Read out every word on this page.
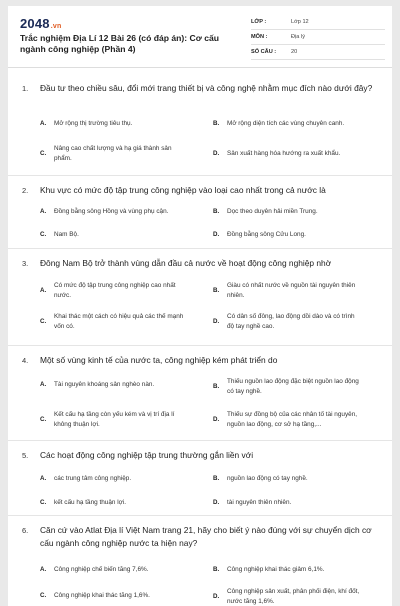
2048.vn
Trắc nghiệm Địa Lí 12 Bài 26 (có đáp án): Cơ cấu ngành công nghiệp (Phần 4)
LỚP :	Lớp 12
MÔN :	Địa lý
SỐ CÂU :	20
1. Đầu tư theo chiều sâu, đổi mới trang thiết bị và công nghệ nhằm mục đích nào dưới đây?
A.	Mở rộng thị trường tiêu thụ.	B.	Mở rộng diện tích các vùng chuyên canh.
C.
Nâng cao chất lượng và hạ giá thành sản phẩm.
D.	Sản xuất hàng hóa hướng ra xuất khẩu.
2. Khu vực có mức độ tập trung công nghiệp vào loại cao nhất trong cả nước là
A.	Đồng bằng sông Hồng và vùng phụ cận.	B.	Dọc theo duyên hải miền Trung.
C.	Nam Bộ.	D.	Đồng bằng sông Cửu Long.
3. Đông Nam Bộ trở thành vùng dẫn đầu cả nước về hoạt động công nghiệp nhờ
A.
Có mức độ tập trung công nghiệp cao nhất nước.
B.
Giàu có nhất nước về nguồn tài nguyên thiên nhiên.
C.
Khai thác một cách có hiệu quả các thế mạnh vốn có.
D.
Có dân số đông, lao động dồi dào và có trình độ tay nghề cao.
4. Một số vùng kinh tế của nước ta, công nghiệp kém phát triển do
A.	Tài nguyên khoáng sản nghèo nàn.	B.
Thiếu nguồn lao động đặc biệt nguồn lao động có tay nghề.
C.
Kết cấu hạ tầng còn yếu kém và vị trí địa lí không thuận lợi.
D.
Thiếu sự đồng bộ của các nhân tố tài nguyên, nguồn lao động, cơ sở hạ tầng,...
5. Các hoạt động công nghiệp tập trung thường gắn liền với
A.	các trung tâm công nghiệp.	B.	nguồn lao động có tay nghề.
C.	kết cấu hạ tầng thuận lợi.	D.	tài nguyên thiên nhiên.
6. Căn cứ vào Atlat Địa lí Việt Nam trang 21, hãy cho biết ý nào đúng với sự chuyển dịch cơ cấu ngành công nghiệp nước ta hiện nay?
A.	Công nghiệp chế biến tăng 7,6%.	B.	Công nghiệp khai thác giảm 6,1%.
C.	Công nghiệp khai thác tăng 1,6%.	D.
Công nghiệp sản xuất, phân phối điện, khí đốt, nước tăng 1,6%.
